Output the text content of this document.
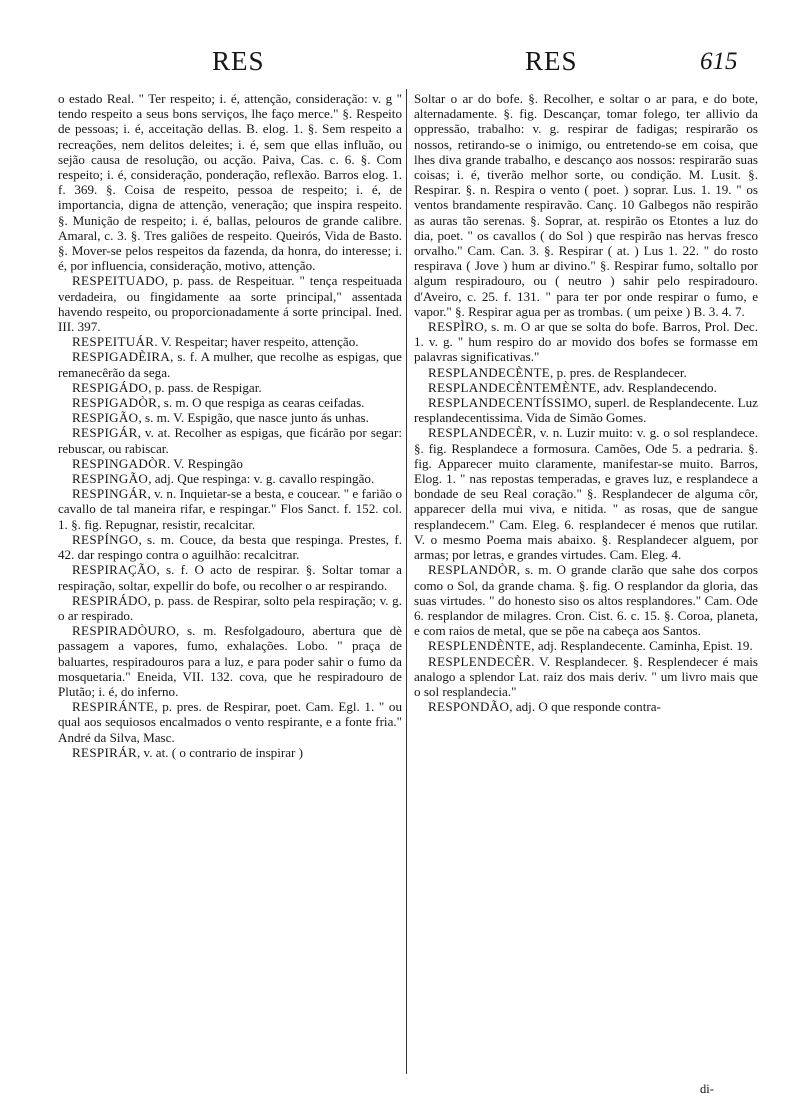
RES	RES	615

o estado Real. " Ter respeito; i. é, attenção, consideração: v. g " tendo respeito a seus bons serviços, lhe faço merce." §. Respeito de pessoas; i. é, acceitação dellas. B. elog. 1. §. Sem respeito a recreações, nem delitos deleites; i. é, sem que ellas influão, ou sejão causa de resolução, ou acção. Paiva, Cas. c. 6. §. Com respeito; i. é, consideração, ponderação, reflexão. Barros elog. 1. f. 369. §. Coisa de respeito, pessoa de respeito; i. é, de importancia, digna de attenção, veneração; que inspira respeito. §. Munição de respeito; i. é, ballas, pelouros de grande calibre. Amaral, c. 3. §. Tres galiões de respeito. Queirós, Vida de Basto. §. Mover-se pelos respeitos da fazenda, da honra, do interesse; i. é, por influencia, consideração, motivo, attenção.

RESPEITUADO, p. pass. de Respeituar. " tença respeituada verdadeira, ou fingidamente aa sorte principal," assentada havendo respeito, ou proporcionadamente á sorte principal. Ined. III. 397.

RESPEITUÁR. V. Respeitar; haver respeito, attenção.

RESPIGADÈIRA, s. f. A mulher, que recolhe as espigas, que remanecêrão da sega.

RESPIGÁDO, p. pass. de Respigar.

RESPIGADÒR, s. m. O que respiga as cearas ceifadas.

RESPIGÃO, s. m. V. Espigão, que nasce junto ás unhas.

RESPIGÁR, v. at. Recolher as espigas, que ficárão por segar: rebuscar, ou rabiscar.

RESPINGADÒR. V. Respingão

RESPINGÃO, adj. Que respinga: v. g. cavallo respingão.

RESPINGÁR, v. n. Inquietar-se a besta, e coucear. " e farião o cavallo de tal maneira rifar, e respingar." Flos Sanct. f. 152. col. 1. §. fig. Repugnar, resistir, recalcitar.

RESPÍNGO, s. m. Couce, da besta que respinga. Prestes, f. 42. dar respingo contra o aguilhão: recalcitrar.

RESPIRAÇÃO, s. f. O acto de respirar. §. Soltar tomar a respiração, soltar, expellir do bofe, ou recolher o ar respirando.

RESPIRÁDO, p. pass. de Respirar, solto pela respiração; v. g. o ar respirado.

RESPIRADÒURO, s. m. Resfolgadouro, abertura que dè passagem a vapores, fumo, exhalações. Lobo. " praça de baluartes, respiradouros para a luz, e para poder sahir o fumo da mosquetaria." Eneida, VII. 132. cova, que he respiradouro de Plutão; i. é, do inferno.

RESPIRÁNTE, p. pres. de Respirar, poet. Cam. Egl. 1. " ou qual aos sequiosos encalmados o vento respirante, e a fonte fria." André da Silva, Masc.

RESPIRÁR, v. at. ( o contrario de inspirar )

Soltar o ar do bofe. §. Recolher, e soltar o ar para, e do bote, alternadamente. §. fig. Descançar, tomar folego, ter allivio da oppressão, trabalho: v. g. respirar de fadigas; respirarão os nossos, retirando-se o inimigo, ou entretendo-se em coisa, que lhes diva grande trabalho, e descanço aos nossos: respirarão suas coisas; i. é, tiverão melhor sorte, ou condição. M. Lusit. §. Respirar. §. n. Respira o vento ( poet. ) soprar. Lus. 1. 19. " os ventos brandamente respiravão. Canç. 10 Galbegos não respirão as auras tão serenas. §. Soprar, at. respirão os Etontes a luz do dia, poet. " os cavallos ( do Sol ) que respirão nas hervas fresco orvalho." Cam. Can. 3. §. Respirar ( at. ) Lus 1. 22. " do rosto respirava ( Jove ) hum ar divino." §. Respirar fumo, soltallo por algum respiradouro, ou ( neutro ) sahir pelo respiradouro. d'Aveiro, c. 25. f. 131. " para ter por onde respirar o fumo, e vapor." §. Respirar agua per as trombas. ( um peixe ) B. 3. 4. 7.

RESPÌRO, s. m. O ar que se solta do bofe. Barros, Prol. Dec. 1. v. g. " hum respiro do ar movido dos bofes se formasse em palavras significativas."

RESPLANDECÈNTE, p. pres. de Resplandecer.

RESPLANDECÈNTEMÈNTE, adv. Resplandecendo.

RESPLANDECENTÍSSIMO, superl. de Resplandecente. Luz resplandecentissima. Vida de Simão Gomes.

RESPLANDECÈR, v. n. Luzir muito: v. g. o sol resplandece. §. fig. Resplandece a formosura. Camões, Ode 5. a pedraria. §. fig. Apparecer muito claramente, manifestar-se muito. Barros, Elog. 1. " nas repostas temperadas, e graves luz, e resplandece a bondade de seu Real coração." §. Resplandecer de alguma côr, apparecer della mui viva, e nitida. " as rosas, que de sangue resplandecem." Cam. Eleg. 6. resplandecer é menos que rutilar. V. o mesmo Poema mais abaixo. §. Resplandecer alguem, por armas; por letras, e grandes virtudes. Cam. Eleg. 4.

RESPLANDÒR, s. m. O grande clarão que sahe dos corpos como o Sol, da grande chama. §. fig. O resplandor da gloria, das suas virtudes. " do honesto siso os altos resplandores." Cam. Ode 6. resplandor de milagres. Cron. Cist. 6. c. 15. §. Coroa, planeta, e com raios de metal, que se põe na cabeça aos Santos.

RESPLENDÈNTE, adj. Resplandecente. Caminha, Epist. 19.

RESPLENDECÈR. V. Resplandecer. §. Resplendecer é mais analogo a splendor Lat. raiz dos mais deriv. " um livro mais que o sol resplandecia."

RESPONDÃO, adj. O que responde contra-

di-
